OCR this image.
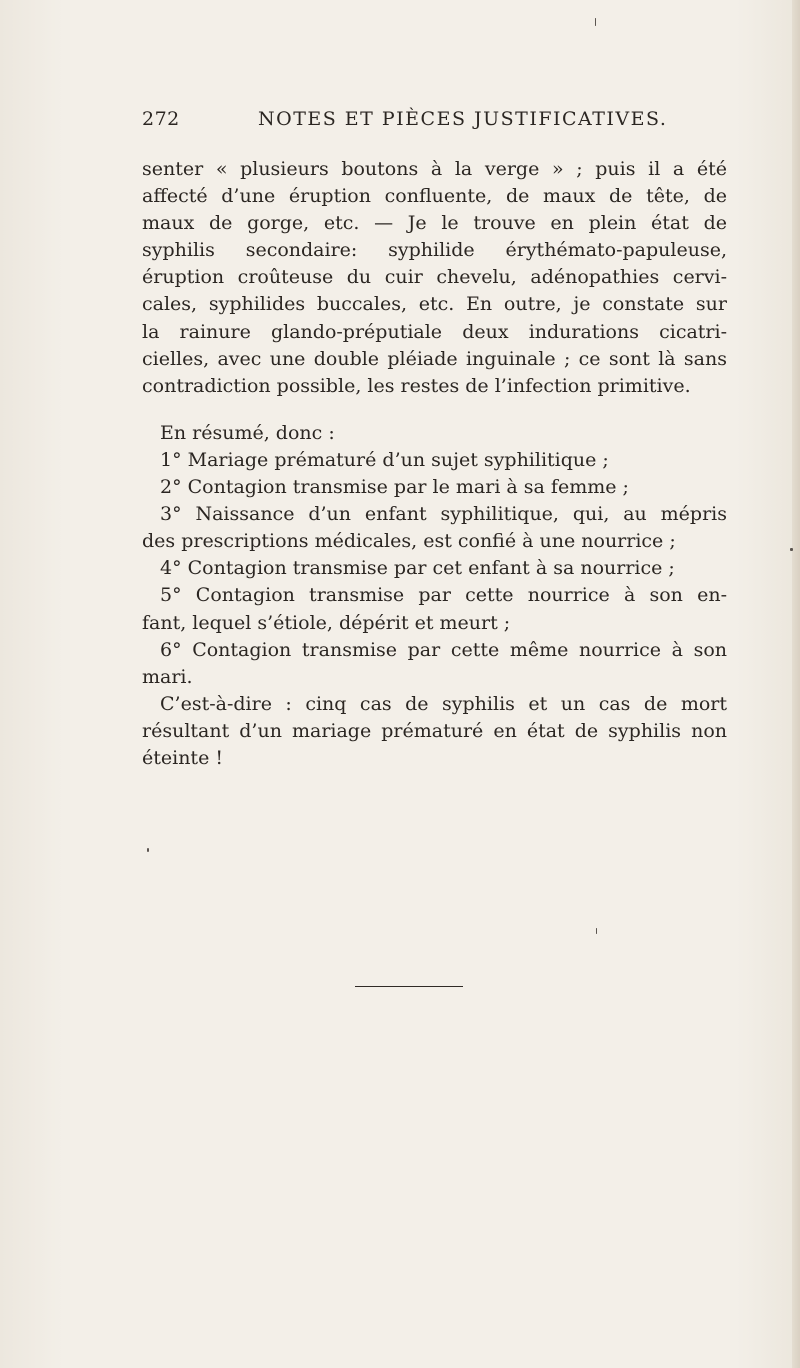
272	NOTES ET PIÈCES JUSTIFICATIVES.

senter « plusieurs boutons à la verge » ; puis il a été
affecté d’une éruption confluente, de maux de tête, de
maux de gorge, etc. — Je le trouve en plein état de
syphilis secondaire: syphilide érythémato-papuleuse,
éruption croûteuse du cuir chevelu, adénopathies cervi-
cales, syphilides buccales, etc. En outre, je constate sur
la rainure glando-préputiale deux indurations cicatri-
cielles, avec une double pléiade inguinale ; ce sont là sans
contradiction possible, les restes de l’infection primitive.

En résumé, donc :

1° Mariage prématuré d’un sujet syphilitique ;

2° Contagion transmise par le mari à sa femme ;

3° Naissance d’un enfant syphilitique, qui, au mépris
des prescriptions médicales, est confié à une nourrice ;

4° Contagion transmise par cet enfant à sa nourrice ;

5° Contagion transmise par cette nourrice à son en-
fant, lequel s’étiole, dépérit et meurt ;

6° Contagion transmise par cette même nourrice à son
mari.

C’est-à-dire : cinq cas de syphilis et un cas de mort
résultant d’un mariage prématuré en état de syphilis non
éteinte !
